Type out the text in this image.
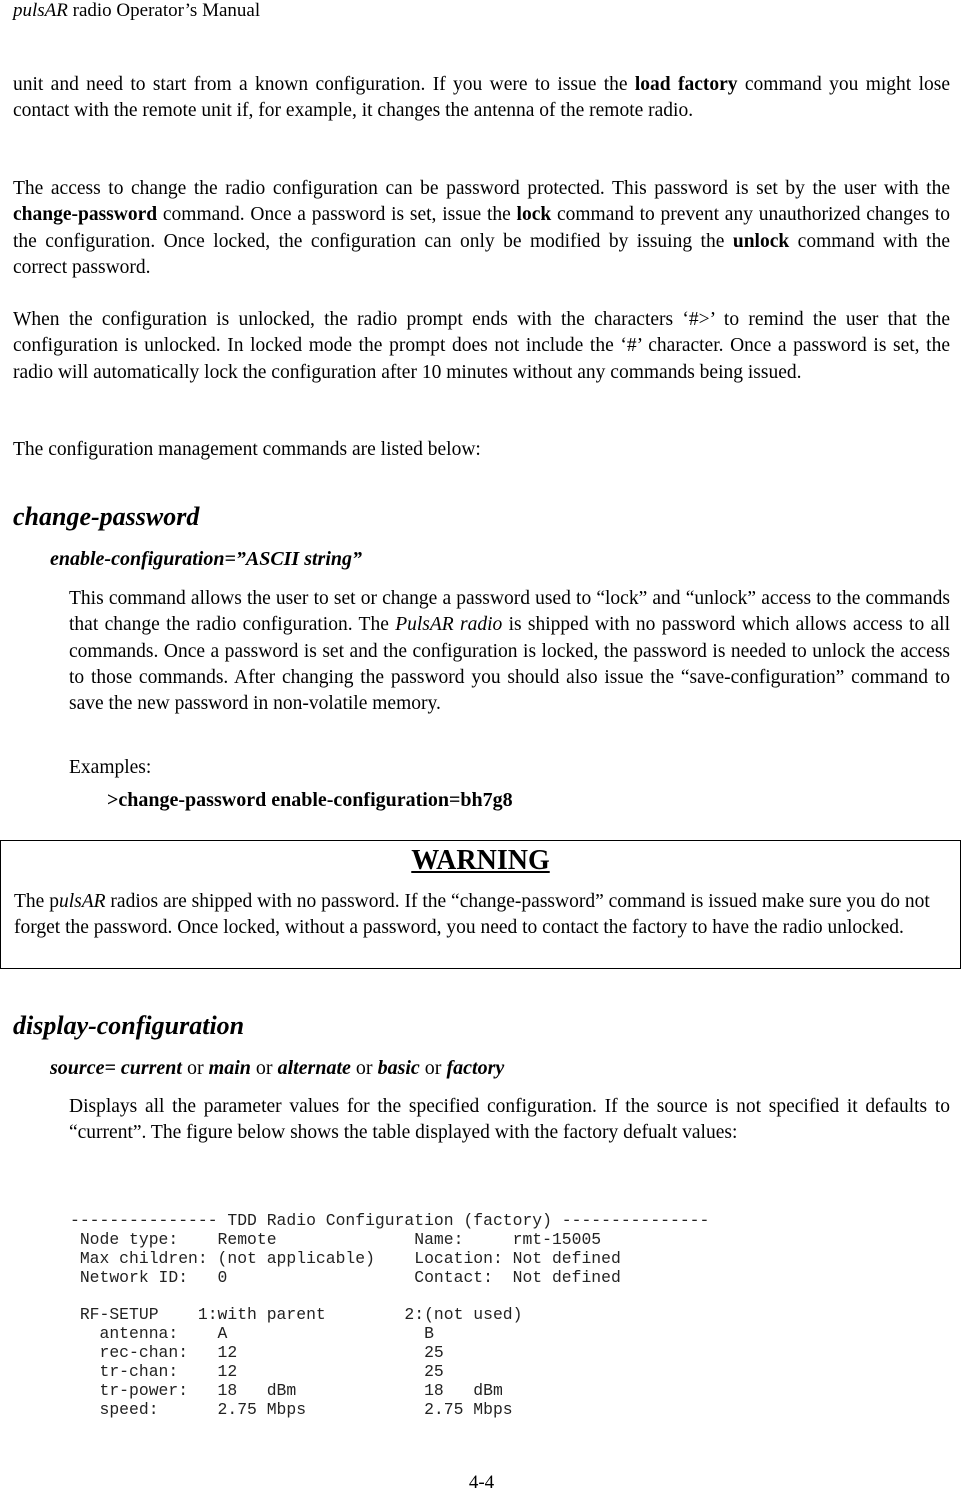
pulsAR radio Operator’s Manual

unit and need to start from a known configuration. If you were to issue the load factory command you might lose contact with the remote unit if, for example, it changes the antenna of the remote radio.

The access to change the radio configuration can be password protected. This password is set by the user with the change-password command. Once a password is set, issue the lock command to prevent any unauthorized changes to the configuration. Once locked, the configuration can only be modified by issuing the unlock command with the correct password.

When the configuration is unlocked, the radio prompt ends with the characters ‘#>’ to remind the user that the configuration is unlocked. In locked mode the prompt does not include the ‘#’ character. Once a password is set, the radio will automatically lock the configuration after 10 minutes without any commands being issued.

The configuration management commands are listed below:

change-password
enable-configuration=”ASCII string”

This command allows the user to set or change a password used to “lock” and “unlock” access to the commands that change the radio configuration. The PulsAR radio is shipped with no password which allows access to all commands. Once a password is set and the configuration is locked, the password is needed to unlock the access to those commands. After changing the password you should also issue the “save-configuration” command to save the new password in non-volatile memory.

Examples:
>change-password enable-configuration=bh7g8
WARNING
The pulsAR radios are shipped with no password. If the “change-password” command is issued make sure you do not forget the password. Once locked, without a password, you need to contact the factory to have the radio unlocked.
display-configuration
source= current or main or alternate or basic or factory

Displays all the parameter values for the specified configuration. If the source is not specified it defaults to “current”. The figure below shows the table displayed with the factory defualt values:

--------------- TDD Radio Configuration (factory) ---------------
Node type:    Remote              Name:     rmt-15005
Max children: (not applicable)    Location: Not defined
Network ID:   0                   Contact:  Not defined
RF-SETUP    1:with parent        2:(not used)
antenna:    A                    B
rec-chan:   12                   25
tr-chan:    12                   25
tr-power:   18   dBm             18   dBm
speed:      2.75 Mbps            2.75 Mbps
4-4
